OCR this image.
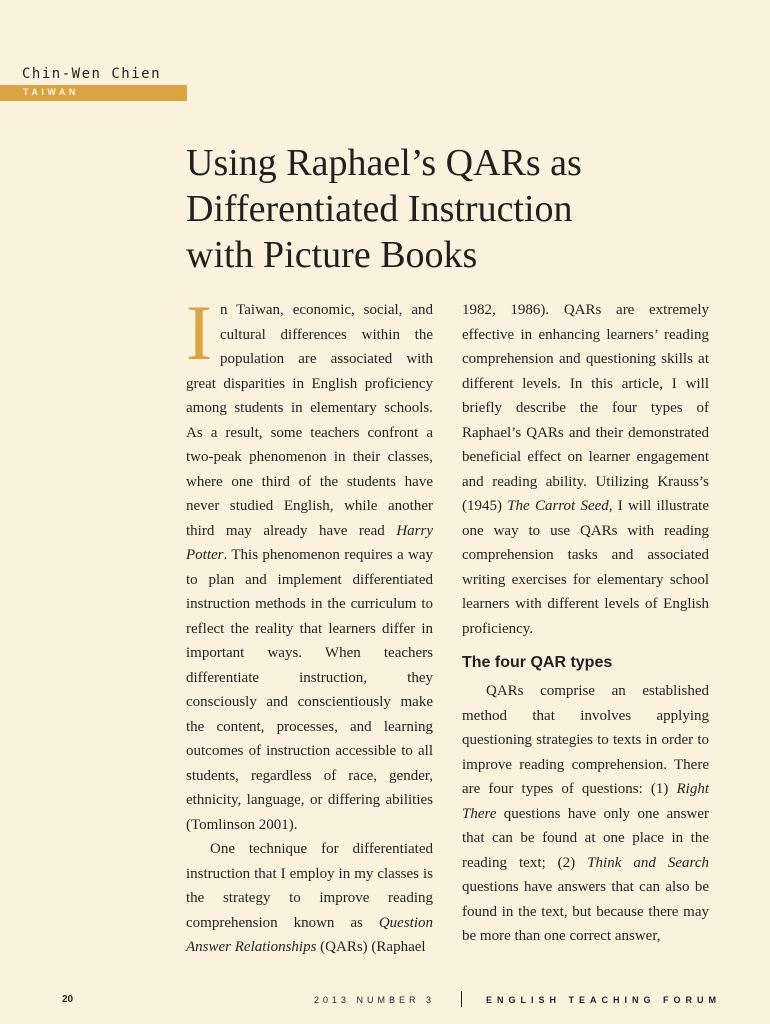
Chin-Wen Chien
TAIWAN
Using Raphael’s QARs as
Differentiated Instruction
with Picture Books

In Taiwan, economic, social, and cultural differences within the population are associated with great disparities in English proficiency among students in elementary schools. As a result, some teachers confront a two-peak phenomenon in their classes, where one third of the students have never studied English, while another third may already have read Harry Potter. This phenomenon requires a way to plan and implement differentiated instruction methods in the curriculum to reflect the reality that learners differ in important ways. When teachers differentiate instruction, they consciously and conscientiously make the content, processes, and learning outcomes of instruction accessible to all students, regardless of race, gender, ethnicity, language, or differing abilities (Tomlinson 2001).

One technique for differentiated instruction that I employ in my classes is the strategy to improve reading comprehension known as Question Answer Relationships (QARs) (Raphael

1982, 1986). QARs are extremely effective in enhancing learners’ reading comprehension and questioning skills at different levels. In this article, I will briefly describe the four types of Raphael’s QARs and their demonstrated beneficial effect on learner engagement and reading ability. Utilizing Krauss’s (1945) The Carrot Seed, I will illustrate one way to use QARs with reading comprehension tasks and associated writing exercises for elementary school learners with different levels of English proficiency.

The four QAR types

QARs comprise an established method that involves applying questioning strategies to texts in order to improve reading comprehension. There are four types of questions: (1) Right There questions have only one answer that can be found at one place in the reading text; (2) Think and Search questions have answers that can also be found in the text, but because there may be more than one correct answer,

20	2013 NUMBER 3	ENGLISH TEACHING FORUM
